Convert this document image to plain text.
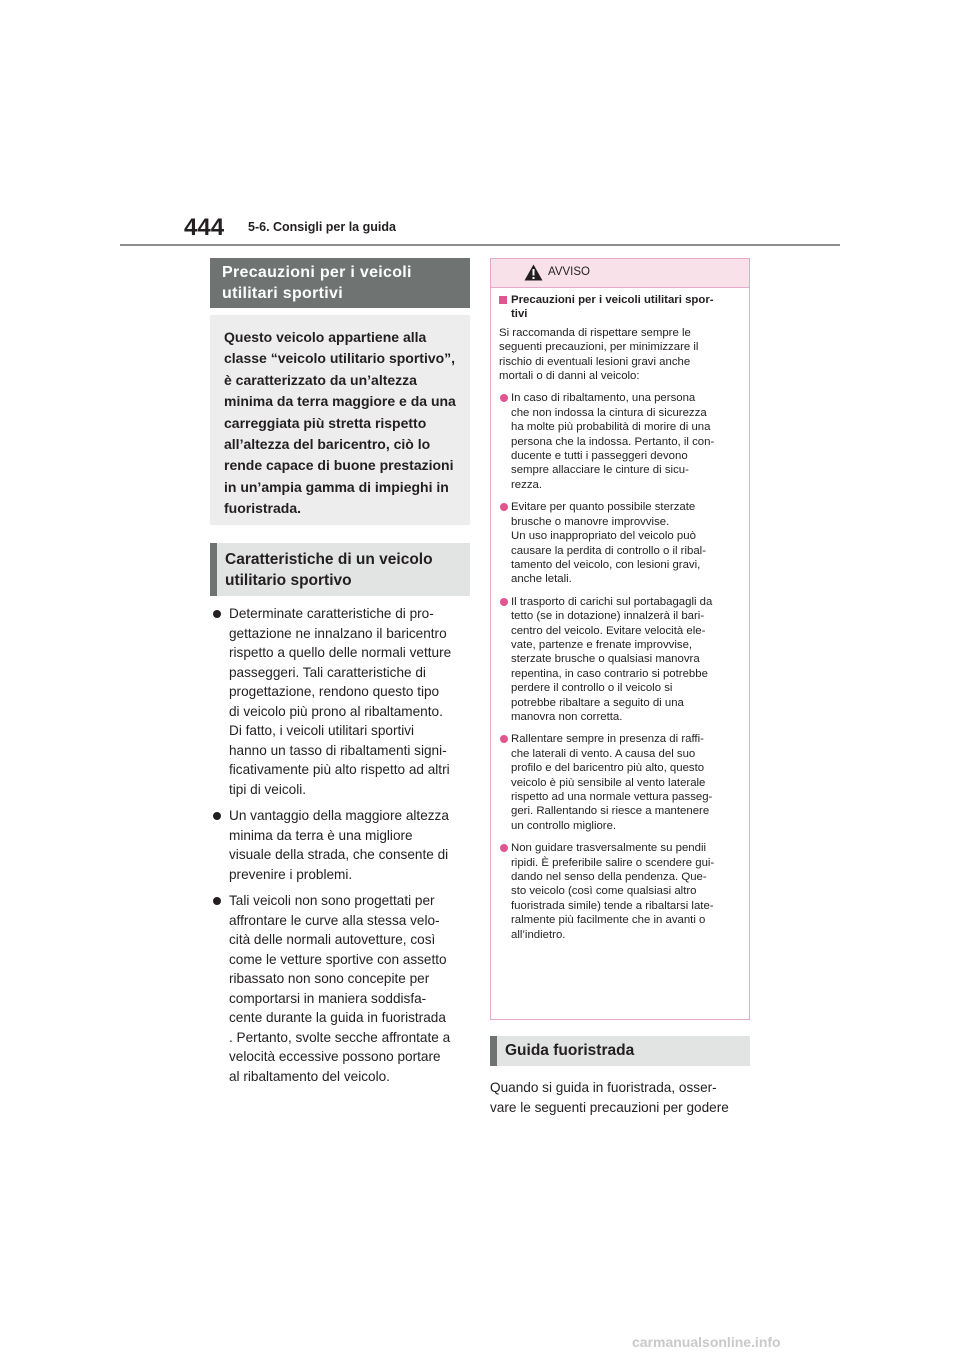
444 5-6. Consigli per la guida
Precauzioni per i veicoli
utilitari sportivi
Questo veicolo appartiene alla
classe “veicolo utilitario sportivo”,
è caratterizzato da un’altezza
minima da terra maggiore e da una
carreggiata più stretta rispetto
all’altezza del baricentro, ciò lo
rende capace di buone prestazioni
in un’ampia gamma di impieghi in
fuoristrada.
Caratteristiche di un veicolo
utilitario sportivo
Determinate caratteristiche di pro-
gettazione ne innalzano il baricentro
rispetto a quello delle normali vetture
passeggeri. Tali caratteristiche di
progettazione, rendono questo tipo
di veicolo più prono al ribaltamento.
Di fatto, i veicoli utilitari sportivi
hanno un tasso di ribaltamenti signi-
ficativamente più alto rispetto ad altri
tipi di veicoli.
Un vantaggio della maggiore altezza
minima da terra è una migliore
visuale della strada, che consente di
prevenire i problemi.
Tali veicoli non sono progettati per
affrontare le curve alla stessa velo-
cità delle normali autovetture, così
come le vetture sportive con assetto
ribassato non sono concepite per
comportarsi in maniera soddisfa-
cente durante la guida in fuoristrada
. Pertanto, svolte secche affrontate a
velocità eccessive possono portare
al ribaltamento del veicolo.
AVVISO
Precauzioni per i veicoli utilitari spor-
tivi
Si raccomanda di rispettare sempre le
seguenti precauzioni, per minimizzare il
rischio di eventuali lesioni gravi anche
mortali o di danni al veicolo:
In caso di ribaltamento, una persona
che non indossa la cintura di sicurezza
ha molte più probabilità di morire di una
persona che la indossa. Pertanto, il con-
ducente e tutti i passeggeri devono
sempre allacciare le cinture di sicu-
rezza.
Evitare per quanto possibile sterzate
brusche o manovre improvvise.
Un uso inappropriato del veicolo può
causare la perdita di controllo o il ribal-
tamento del veicolo, con lesioni gravi,
anche letali.
Il trasporto di carichi sul portabagagli da
tetto (se in dotazione) innalzerà il bari-
centro del veicolo. Evitare velocità ele-
vate, partenze e frenate improvvise,
sterzate brusche o qualsiasi manovra
repentina, in caso contrario si potrebbe
perdere il controllo o il veicolo si
potrebbe ribaltare a seguito di una
manovra non corretta.
Rallentare sempre in presenza di raffi-
che laterali di vento. A causa del suo
profilo e del baricentro più alto, questo
veicolo è più sensibile al vento laterale
rispetto ad una normale vettura passeg-
geri. Rallentando si riesce a mantenere
un controllo migliore.
Non guidare trasversalmente su pendii
ripidi. È preferibile salire o scendere gui-
dando nel senso della pendenza. Que-
sto veicolo (così come qualsiasi altro
fuoristrada simile) tende a ribaltarsi late-
ralmente più facilmente che in avanti o
all’indietro.
Guida fuoristrada
Quando si guida in fuoristrada, osser-
vare le seguenti precauzioni per godere
carmanualsonline.info
